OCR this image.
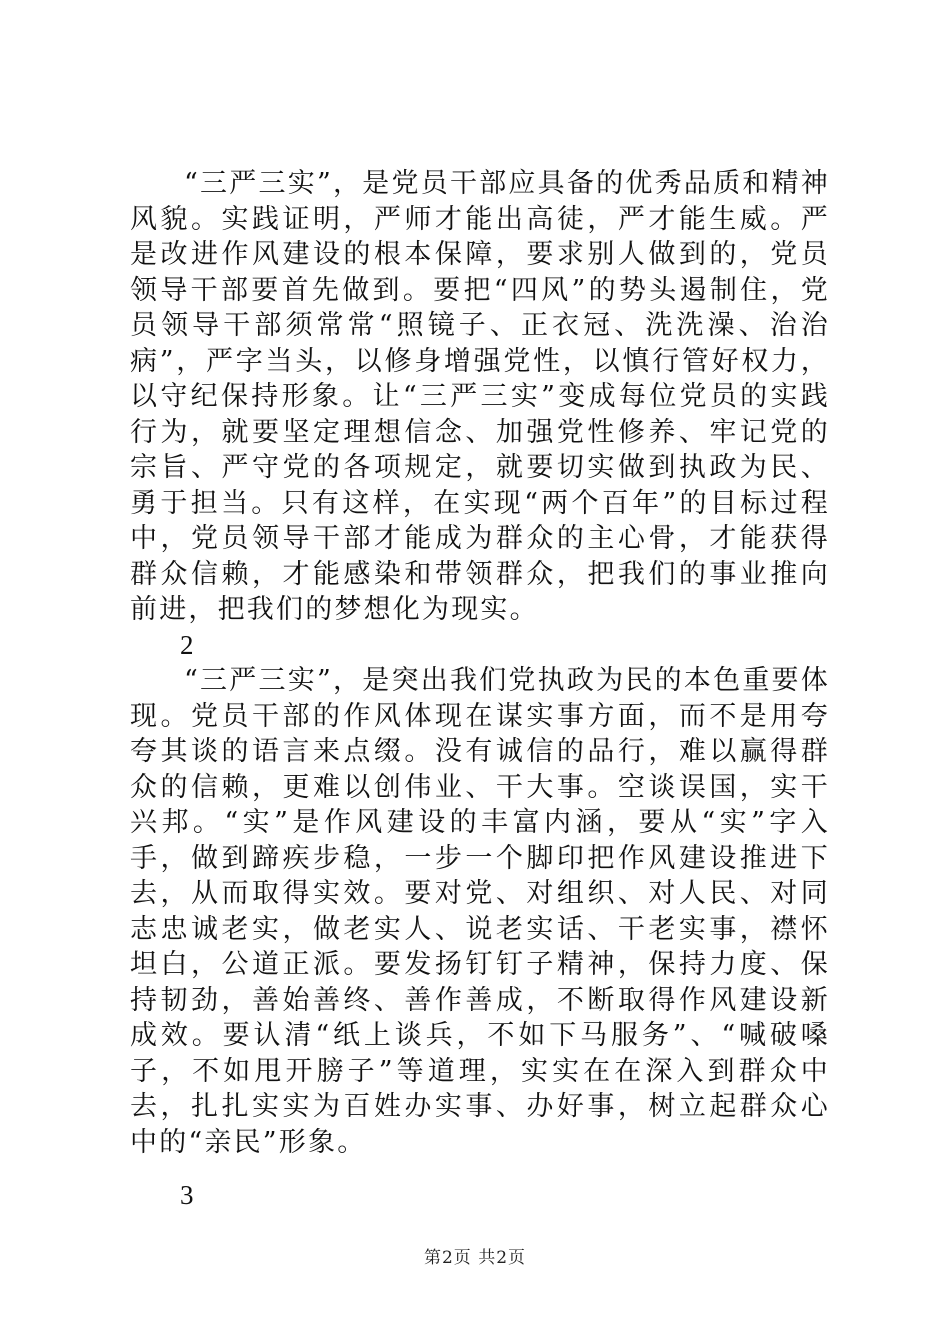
“三严三实”，是党员干部应具备的优秀品质和精神风貌。实践证明，严师才能出高徒，严才能生威。严是改进作风建设的根本保障，要求别人做到的，党员领导干部要首先做到。要把“四风”的势头遏制住，党员领导干部须常常“照镜子、正衣冠、洗洗澡、治治病”，严字当头，以修身增强党性，以慎行管好权力，以守纪保持形象。让“三严三实”变成每位党员的实践行为，就要坚定理想信念、加强党性修养、牢记党的宗旨、严守党的各项规定，就要切实做到执政为民、勇于担当。只有这样，在实现“两个百年”的目标过程中，党员领导干部才能成为群众的主心骨，才能获得群众信赖，才能感染和带领群众，把我们的事业推向前进，把我们的梦想化为现实。

2

“三严三实”，是突出我们党执政为民的本色重要体现。党员干部的作风体现在谋实事方面，而不是用夸夸其谈的语言来点缀。没有诚信的品行，难以赢得群众的信赖，更难以创伟业、干大事。空谈误国，实干兴邦。“实”是作风建设的丰富内涵，要从“实”字入手，做到蹄疾步稳，一步一个脚印把作风建设推进下去，从而取得实效。要对党、对组织、对人民、对同志忠诚老实，做老实人、说老实话、干老实事，襟怀坦白，公道正派。要发扬钉钉子精神，保持力度、保持韧劲，善始善终、善作善成，不断取得作风建设新成效。要认清“纸上谈兵，不如下马服务”、“喊破嗓子，不如甩开膀子”等道理，实实在在深入到群众中去，扎扎实实为百姓办实事、办好事，树立起群众心中的“亲民”形象。

3

第2页 共2页
